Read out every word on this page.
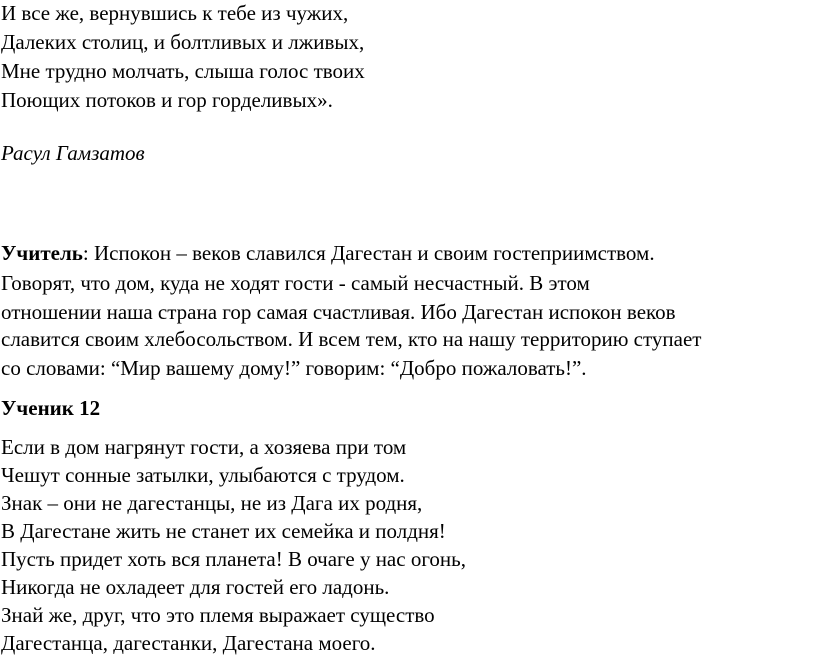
И все же, вернувшись к тебе из чужих,
Далеких столиц, и болтливых и лживых,
Мне трудно молчать, слыша голос твоих
Поющих потоков и гор горделивых».
Расул Гамзатов
Учитель: Испокон – веков славился Дагестан и своим гостеприимством.
Говорят, что дом, куда не ходят гости - самый несчастный. В этом
отношении наша страна гор самая счастливая. Ибо Дагестан испокон веков
славится своим хлебосольством. И всем тем, кто на нашу территорию ступает
со словами: “Мир вашему дому!” говорим: “Добро пожаловать!”.
Ученик 12
Если в дом нагрянут гости, а хозяева при том
Чешут сонные затылки, улыбаются с трудом.
Знак – они не дагестанцы, не из Дага их родня,
В Дагестане жить не станет их семейка и полдня!
Пусть придет хоть вся планета! В очаге у нас огонь,
Никогда не охладеет для гостей его ладонь.
Знай же, друг, что это племя выражает существо
Дагестанца, дагестанки, Дагестана моего.
